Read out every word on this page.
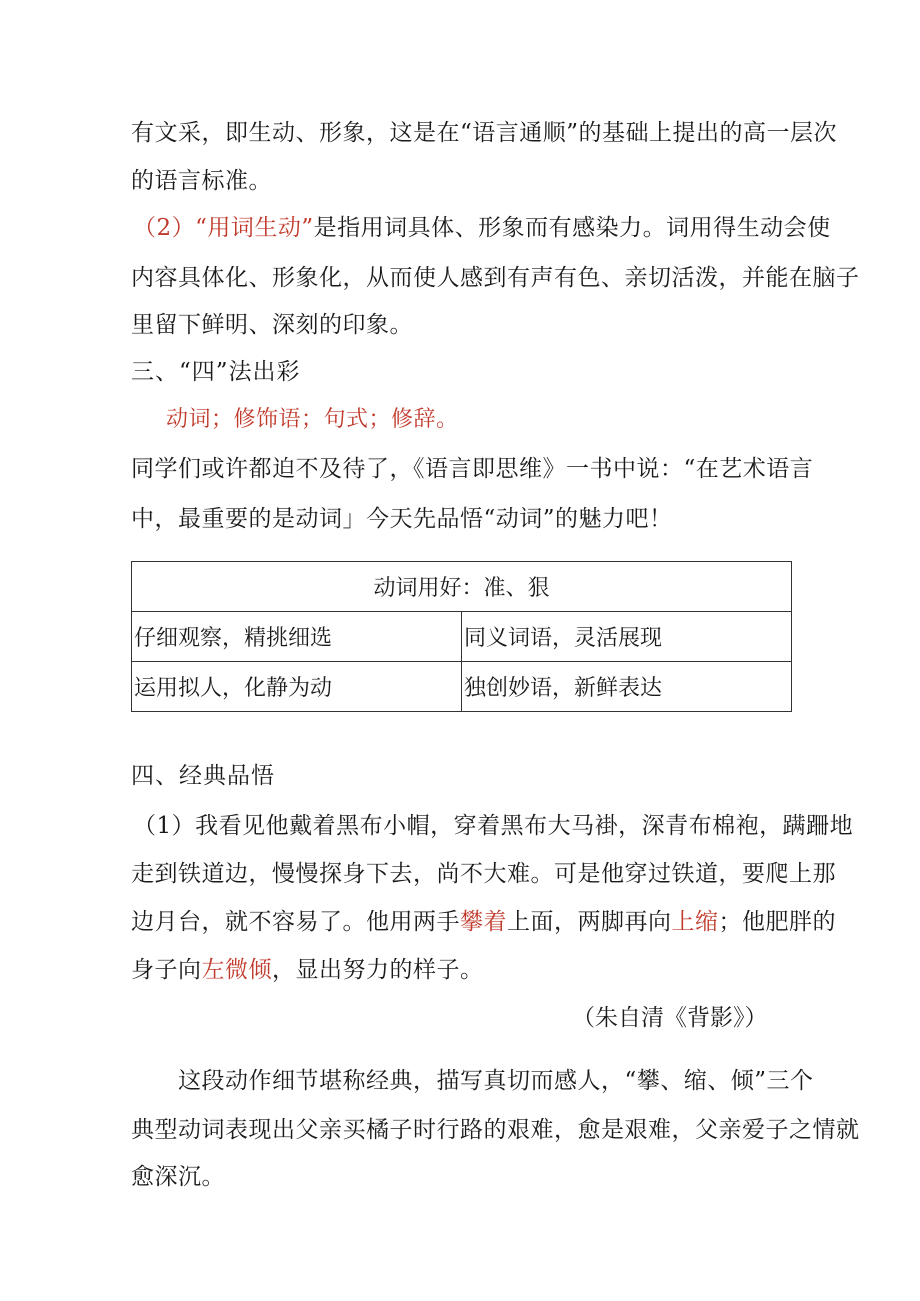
有文采，即生动、形象，这是在“语言通顺”的基础上提出的高一层次
的语言标准。
（2）“用词生动”是指用词具体、形象而有感染力。词用得生动会使
内容具体化、形象化，从而使人感到有声有色、亲切活泼，并能在脑子
里留下鲜明、深刻的印象。
三、“四”法出彩
动词；修饰语；句式；修辞。
同学们或许都迫不及待了，《语言即思维》一书中说：“在艺术语言
中，最重要的是动词」今天先品悟“动词”的魅力吧！
动词用好：准、狠	
仔细观察，精挑细选	同义词语，灵活展现
运用拟人，化静为动	独创妙语，新鲜表达
四、经典品悟
（1）我看见他戴着黑布小帽，穿着黑布大马褂，深青布棉袍，蹒跚地
走到铁道边，慢慢探身下去，尚不大难。可是他穿过铁道，要爬上那
边月台，就不容易了。他用两手攀着上面，两脚再向上缩；他肥胖的
身子向左微倾，显出努力的样子。
（朱自清《背影》）
这段动作细节堪称经典，描写真切而感人，“攀、缩、倾”三个
典型动词表现出父亲买橘子时行路的艰难，愈是艰难，父亲爱子之情就
愈深沉。
